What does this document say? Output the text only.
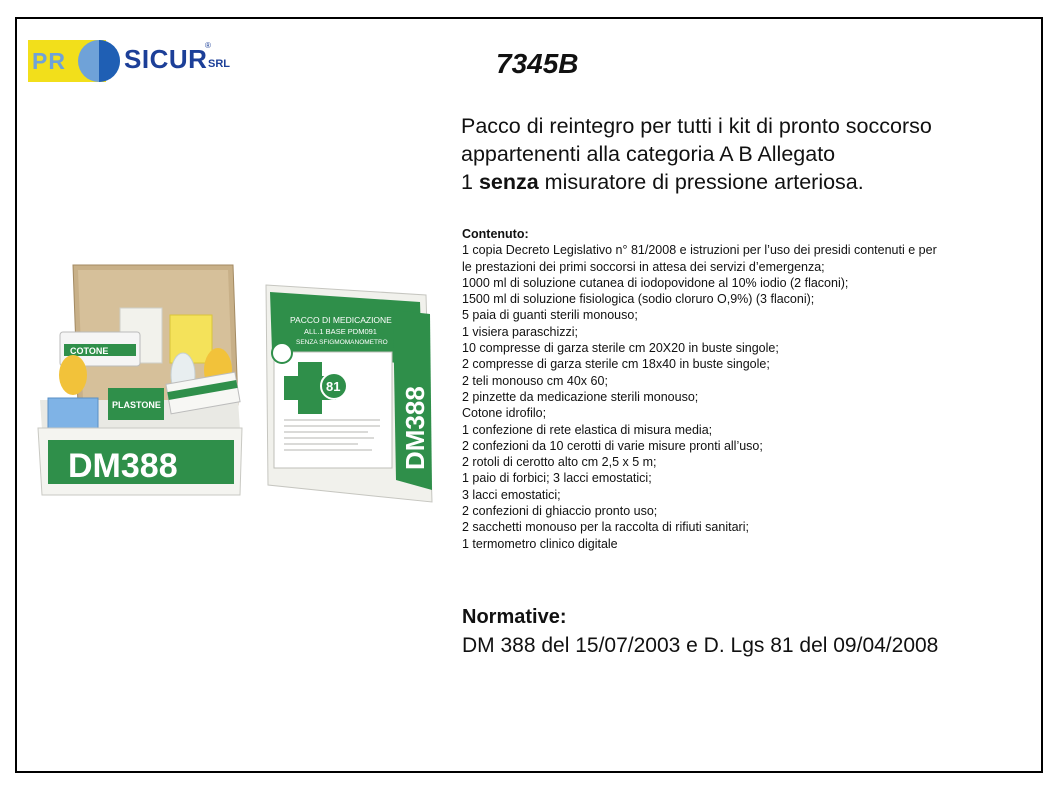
PR SICUR
®
SRL	7345B

Pacco di reintegro per tutti i kit di pronto soccorso

appartenenti alla categoria A B Allegato

1 senza misuratore di pressione arteriosa.

Contenuto:
1 copia Decreto Legislativo n° 81/2008 e istruzioni per l’uso dei presidi contenuti e per
le prestazioni dei primi soccorsi in attesa dei servizi d’emergenza;
1000 ml di soluzione cutanea di iodopovidone al 10% iodio (2 flaconi);
1500 ml di soluzione fisiologica (sodio cloruro O,9%) (3 flaconi);
5 paia di guanti sterili monouso;
1 visiera paraschizzi;
10 compresse di garza sterile cm 20X20 in buste singole;
2 compresse di garza sterile cm 18x40 in buste singole;
2 teli monouso cm 40x 60;
2 pinzette da medicazione sterili monouso;
Cotone idrofilo;
1 confezione di rete elastica di misura media;
2 confezioni da 10 cerotti di varie misure pronti all’uso;
2 rotoli di cerotto alto cm 2,5 x 5 m;
1 paio di forbici; 3 lacci emostatici;
3 lacci emostatici;
2 confezioni di ghiaccio pronto uso;
2 sacchetti monouso per la raccolta di rifiuti sanitari;
1 termometro clinico digitale
Normative:
DM 388 del 15/07/2003 e D. Lgs 81 del 09/04/2008
COTONE
PLASTONE
DM388
PACCO DI MEDICAZIONE
ALL.1 BASE PDM091
SENZA SFIGMOMANOMETRO
DM388
81
